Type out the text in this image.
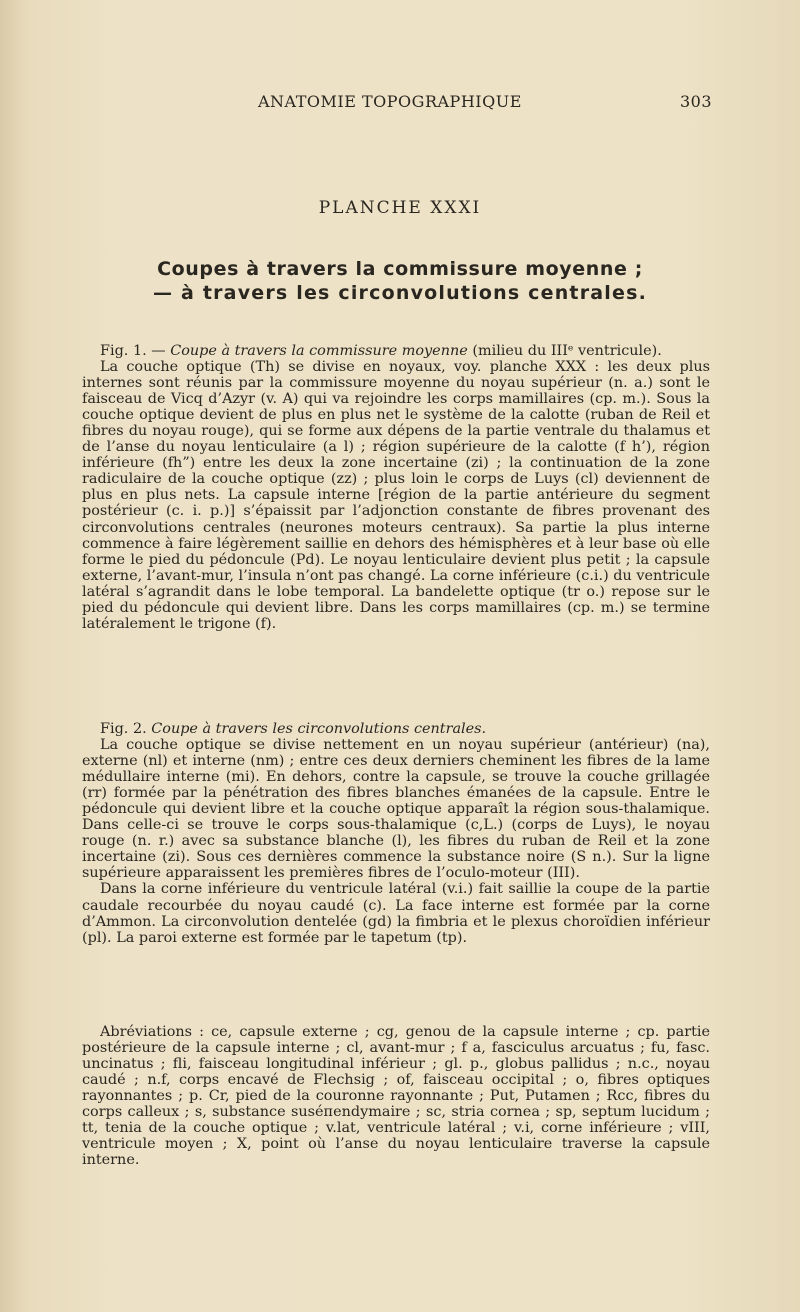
ANATOMIE TOPOGRAPHIQUE	303
PLANCHE XXXI
Coupes à travers la commissure moyenne ;
— à travers les circonvolutions centrales.

Fig. 1. — Coupe à travers la commissure moyenne (milieu du IIIᵉ ventricule).

La couche optique (Th) se divise en noyaux, voy. planche XXX : les deux plus internes sont réunis par la commissure moyenne du noyau supérieur (n. a.) sont le faisceau de Vicq d’Azyr (v. A) qui va rejoindre les corps mamillaires (cp. m.). Sous la couche optique devient de plus en plus net le système de la calotte (ruban de Reil et fibres du noyau rouge), qui se forme aux dépens de la partie ventrale du thalamus et de l’anse du noyau lenticulaire (a l) ; région supérieure de la calotte (f h’), région inférieure (fh”) entre les deux la zone incertaine (zi) ; la continuation de la zone radiculaire de la couche optique (zz) ; plus loin le corps de Luys (cl) deviennent de plus en plus nets. La capsule interne [région de la partie antérieure du segment postérieur (c. i. p.)] s’épaissit par l’adjonction constante de fibres provenant des circonvolutions centrales (neurones moteurs centraux). Sa partie la plus interne commence à faire légèrement saillie en dehors des hémisphères et à leur base où elle forme le pied du pédoncule (Pd). Le noyau lenticulaire devient plus petit ; la capsule externe, l’avant-mur, l’insula n’ont pas changé. La corne inférieure (c.i.) du ventricule latéral s’agrandit dans le lobe temporal. La bandelette optique (tr o.) repose sur le pied du pédoncule qui devient libre. Dans les corps mamillaires (cp. m.) se termine latéralement le trigone (f).

Fig. 2. Coupe à travers les circonvolutions centrales.

La couche optique se divise nettement en un noyau supérieur (antérieur) (na), externe (nl) et interne (nm) ; entre ces deux derniers cheminent les fibres de la lame médullaire interne (mi). En dehors, contre la capsule, se trouve la couche grillagée (rr) formée par la pénétration des fibres blanches émanées de la capsule. Entre le pédoncule qui devient libre et la couche optique apparaît la région sous-thalamique. Dans celle-ci se trouve le corps sous-thalamique (c,L.) (corps de Luys), le noyau rouge (n. r.) avec sa substance blanche (l), les fibres du ruban de Reil et la zone incertaine (zi). Sous ces dernières commence la substance noire (S n.). Sur la ligne supérieure apparaissent les premières fibres de l’oculo-moteur (III).

Dans la corne inférieure du ventricule latéral (v.i.) fait saillie la coupe de la partie caudale recourbée du noyau caudé (c). La face interne est formée par la corne d’Ammon. La circonvolution dentelée (gd) la fimbria et le plexus choroïdien inférieur (pl). La paroi externe est formée par le tapetum (tp).

Abréviations : ce, capsule externe ; cg, genou de la capsule interne ; cp. partie postérieure de la capsule interne ; cl, avant-mur ; f a, fasciculus arcuatus ; fu, fasc. uncinatus ; fli, faisceau longitudinal inférieur ; gl. p., globus pallidus ; n.c., noyau caudé ; n.f, corps encavé de Flechsig ; of, faisceau occipital ; o, fibres optiques rayonnantes ; p. Cr, pied de la couronne rayonnante ; Put, Putamen ; Rcc, fibres du corps calleux ; s, substance suséпendymaire ; sc, stria cornea ; sp, septum lucidum ; tt, tenia de la couche optique ; v.lat, ventricule latéral ; v.i, corne inférieure ; vIII, ventricule moyen ; X, point où l’anse du noyau lenticulaire traverse la capsule interne.
